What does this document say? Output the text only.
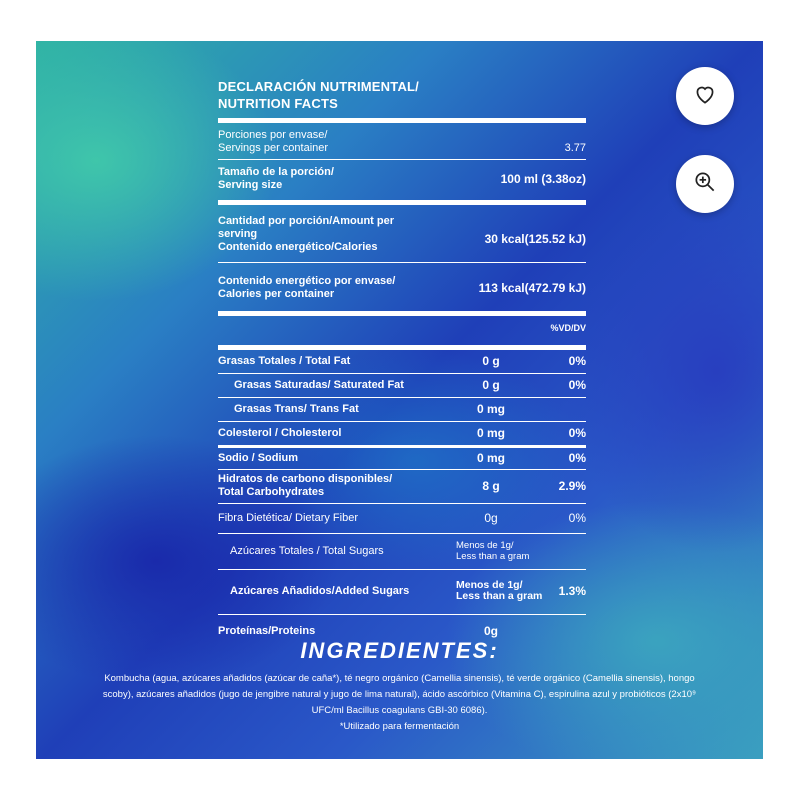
DECLARACIÓN NUTRIMENTAL/
NUTRITION FACTS
Porciones por envase/
Servings per container	3.77
Tamaño de la porción/
Serving size	100 ml (3.38oz)
Cantidad por porción/Amount per serving
Contenido energético/Calories
30 kcal(125.52 kJ)
Contenido energético por envase/
Calories per container	113 kcal(472.79 kJ)
%VD/DV
Grasas Totales / Total Fat	0 g	0%
Grasas Saturadas/ Saturated Fat	0 g	0%
Grasas Trans/ Trans Fat	0 mg
Colesterol / Cholesterol	0 mg	0%
Sodio / Sodium	0 mg	0%
Hidratos de carbono disponibles/
Total Carbohydrates	8 g	2.9%
Fibra Dietética/ Dietary Fiber	0g	0%
Azúcares Totales / Total Sugars	Menos de 1g/
Less than a gram
Azúcares Añadidos/Added Sugars	Menos de 1g/
Less than a gram	1.3%
Proteínas/Proteins	0g
INGREDIENTES:
Kombucha (agua, azúcares añadidos (azúcar de caña*), té negro orgánico (Camellia sinensis), té verde orgánico (Camellia sinensis), hongo scoby), azúcares añadidos (jugo de jengibre natural y jugo de lima natural), ácido ascórbico (Vitamina C), espirulina azul y probióticos (2x10⁹ UFC/ml Bacillus coagulans GBI-30 6086).
*Utilizado para fermentación
